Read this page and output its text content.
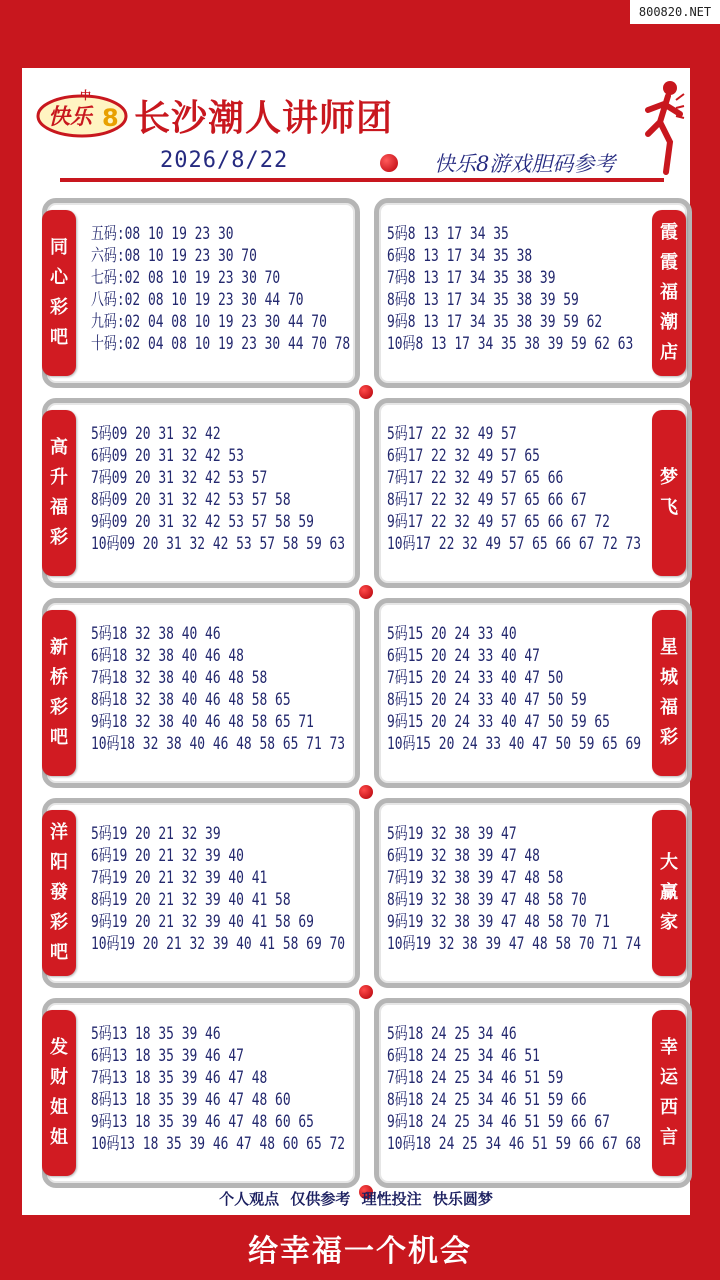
800820.NET
中
快乐 8 长沙潮人讲师团
2026/8/22	快乐8游戏胆码参考
五码:08 10 19 23 30
六码:08 10 19 23 30 70
七码:02 08 10 19 23 30 70
八码:02 08 10 19 23 30 44 70
九码:02 04 08 10 19 23 30 44 70
十码:02 04 08 10 19 23 30 44 70 78
同心彩吧
5码8 13 17 34 35
6码8 13 17 34 35 38
7码8 13 17 34 35 38 39
8码8 13 17 34 35 38 39 59
9码8 13 17 34 35 38 39 59 62
10码8 13 17 34 35 38 39 59 62 63
霞霞福潮店
5码09 20 31 32 42
6码09 20 31 32 42 53
7码09 20 31 32 42 53 57
8码09 20 31 32 42 53 57 58
9码09 20 31 32 42 53 57 58 59
10码09 20 31 32 42 53 57 58 59 63
高升福彩
5码17 22 32 49 57
6码17 22 32 49 57 65
7码17 22 32 49 57 65 66
8码17 22 32 49 57 65 66 67
9码17 22 32 49 57 65 66 67 72
10码17 22 32 49 57 65 66 67 72 73
梦飞
5码18 32 38 40 46
6码18 32 38 40 46 48
7码18 32 38 40 46 48 58
8码18 32 38 40 46 48 58 65
9码18 32 38 40 46 48 58 65 71
10码18 32 38 40 46 48 58 65 71 73
新桥彩吧
5码15 20 24 33 40
6码15 20 24 33 40 47
7码15 20 24 33 40 47 50
8码15 20 24 33 40 47 50 59
9码15 20 24 33 40 47 50 59 65
10码15 20 24 33 40 47 50 59 65 69
星城福彩
5码19 20 21 32 39
6码19 20 21 32 39 40
7码19 20 21 32 39 40 41
8码19 20 21 32 39 40 41 58
9码19 20 21 32 39 40 41 58 69
10码19 20 21 32 39 40 41 58 69 70
洋阳發彩吧
5码19 32 38 39 47
6码19 32 38 39 47 48
7码19 32 38 39 47 48 58
8码19 32 38 39 47 48 58 70
9码19 32 38 39 47 48 58 70 71
10码19 32 38 39 47 48 58 70 71 74
大赢家
5码13 18 35 39 46
6码13 18 35 39 46 47
7码13 18 35 39 46 47 48
8码13 18 35 39 46 47 48 60
9码13 18 35 39 46 47 48 60 65
10码13 18 35 39 46 47 48 60 65 72
发财姐姐
5码18 24 25 34 46
6码18 24 25 34 46 51
7码18 24 25 34 46 51 59
8码18 24 25 34 46 51 59 66
9码18 24 25 34 46 51 59 66 67
10码18 24 25 34 46 51 59 66 67 68
幸运西言
个人观点 仅供参考 理性投注 快乐圆梦
给幸福一个机会
